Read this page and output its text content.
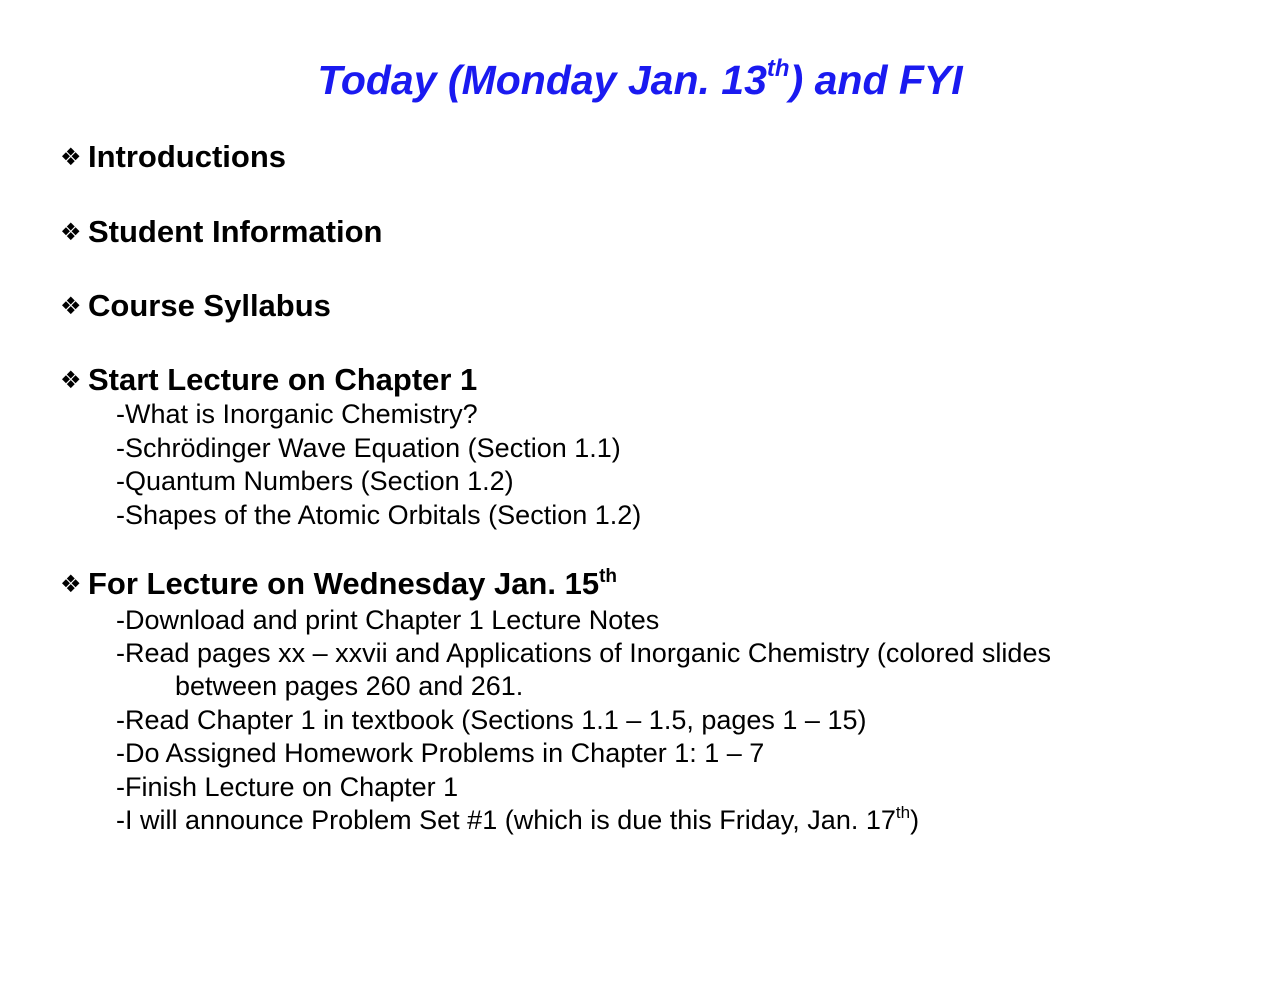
Today (Monday Jan. 13th) and FYI
❖ Introductions
❖ Student Information
❖ Course Syllabus
❖ Start Lecture on Chapter 1
-What is Inorganic Chemistry?
-Schrödinger Wave Equation (Section 1.1)
-Quantum Numbers (Section 1.2)
-Shapes of the Atomic Orbitals (Section 1.2)
❖ For Lecture on Wednesday Jan. 15th
-Download and print Chapter 1 Lecture Notes
-Read pages xx – xxvii and Applications of Inorganic Chemistry (colored slides
between pages 260 and 261.
-Read Chapter 1 in textbook (Sections 1.1 – 1.5, pages 1 – 15)
-Do Assigned Homework Problems in Chapter 1: 1 – 7
-Finish Lecture on Chapter 1
-I will announce Problem Set #1 (which is due this Friday, Jan. 17th)
